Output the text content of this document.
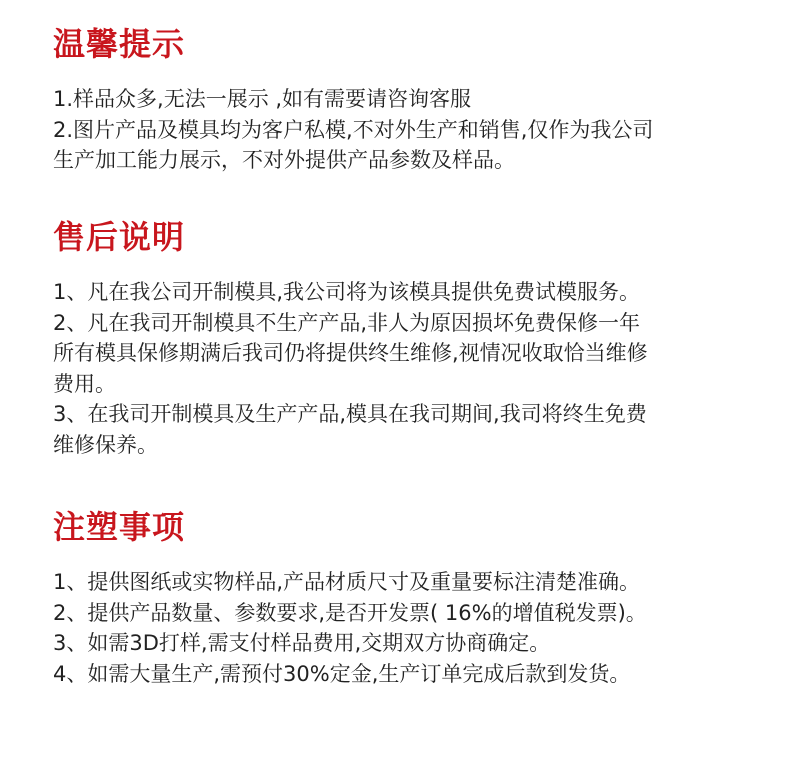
温馨提示
1.样品众多,无法一展示 ,如有需要请咨询客服
2.图片产品及模具均为客户私模,不对外生产和销售,仅作为我公司
生产加工能力展示，不对外提供产品参数及样品。
售后说明
1、凡在我公司开制模具,我公司将为该模具提供免费试模服务。
2、凡在我司开制模具不生产产品,非人为原因损坏免费保修一年
所有模具保修期满后我司仍将提供终生维修,视情况收取恰当维修
费用。
3、在我司开制模具及生产产品,模具在我司期间,我司将终生免费
维修保养。
注塑事项
1、提供图纸或实物样品,产品材质尺寸及重量要标注清楚准确。
2、提供产品数量、参数要求,是否开发票( 16%的增值税发票)。
3、如需3D打样,需支付样品费用,交期双方协商确定。
4、如需大量生产,需预付30%定金,生产订单完成后款到发货。
